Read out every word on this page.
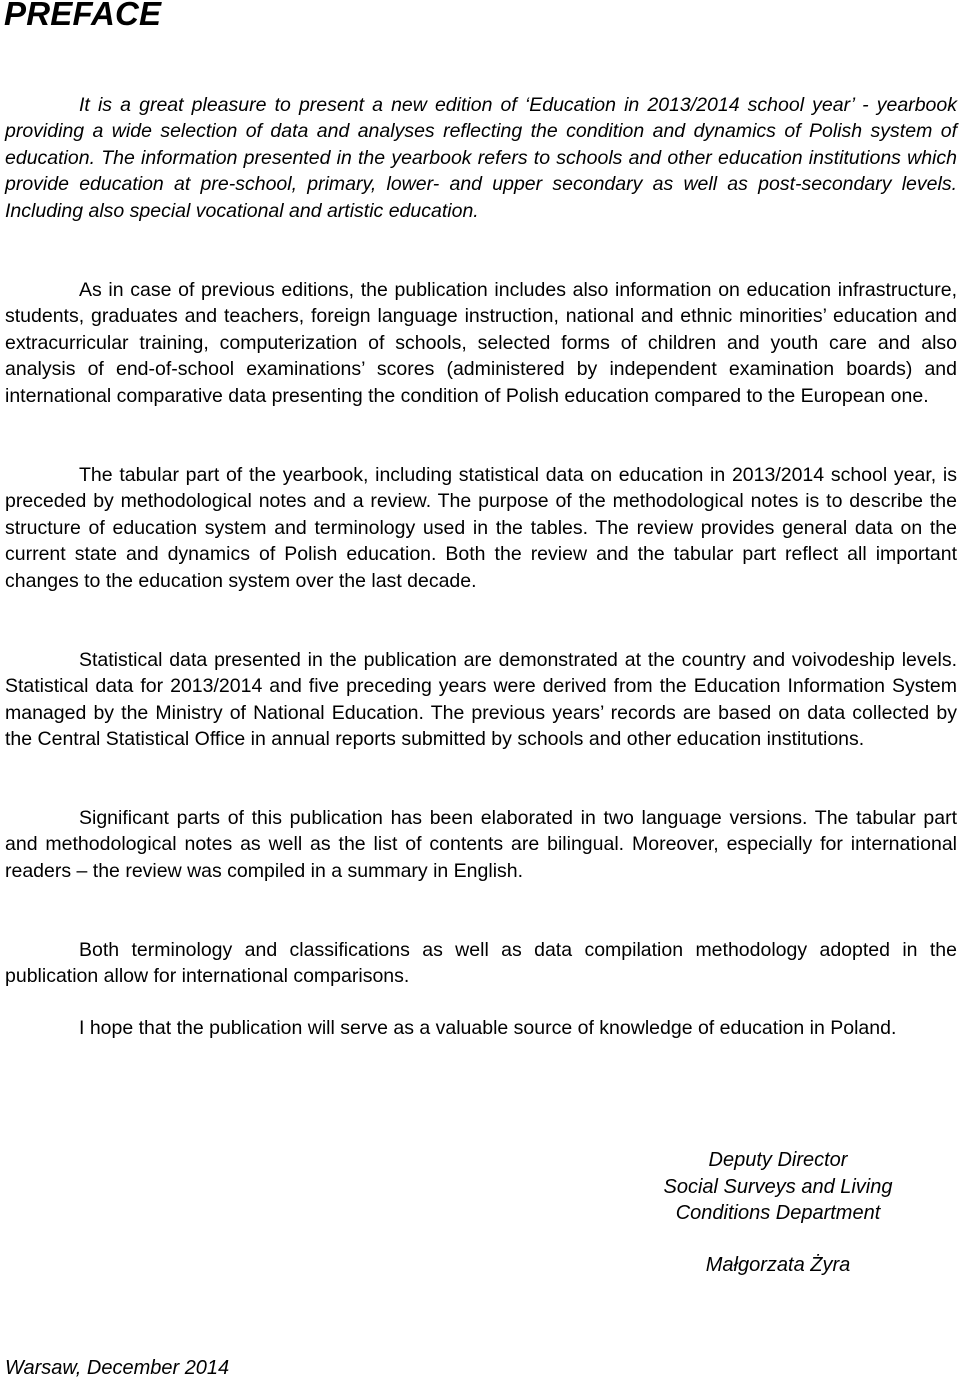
PREFACE

It is a great pleasure to present a new edition of ‘Education in 2013/2014 school year’ - yearbook providing a wide selection of data and analyses reflecting the condition and dynamics of Polish system of education. The information presented in the yearbook refers to schools and other education institutions which provide education at pre-school, primary, lower- and upper secondary as well as post-secondary levels. Including also special vocational and artistic education.

As in case of previous editions, the publication includes also information on education infrastructure, students, graduates and teachers, foreign language instruction, national and ethnic minorities’ education and extracurricular training, computerization of schools, selected forms of children and youth care and also analysis of end-of-school examinations’ scores (administered by independent examination boards) and international comparative data presenting the condition of Polish education compared to the European one.

The tabular part of the yearbook, including statistical data on education in 2013/2014 school year, is preceded by methodological notes and a review. The purpose of the methodological notes is to describe the structure of education system and terminology used in the tables. The review provides general data on the current state and dynamics of Polish education. Both the review and the tabular part reflect all important changes to the education system over the last decade.

Statistical data presented in the publication are demonstrated at the country and voivodeship levels. Statistical data for 2013/2014 and five preceding years were derived from the Education Information System managed by the Ministry of National Education. The previous years’ records are based on data collected by the Central Statistical Office in annual reports submitted by schools and other education institutions.

Significant parts of this publication has been elaborated in two language versions. The tabular part and methodological notes as well as the list of contents are bilingual. Moreover, especially for international readers – the review was compiled in a summary in English.

Both terminology and classifications as well as data compilation methodology adopted in the publication allow for international comparisons.

I hope that the publication will serve as a valuable source of knowledge of education in Poland.

Deputy Director
Social Surveys and Living
Conditions Department
Małgorzata Żyra

Warsaw, December 2014
